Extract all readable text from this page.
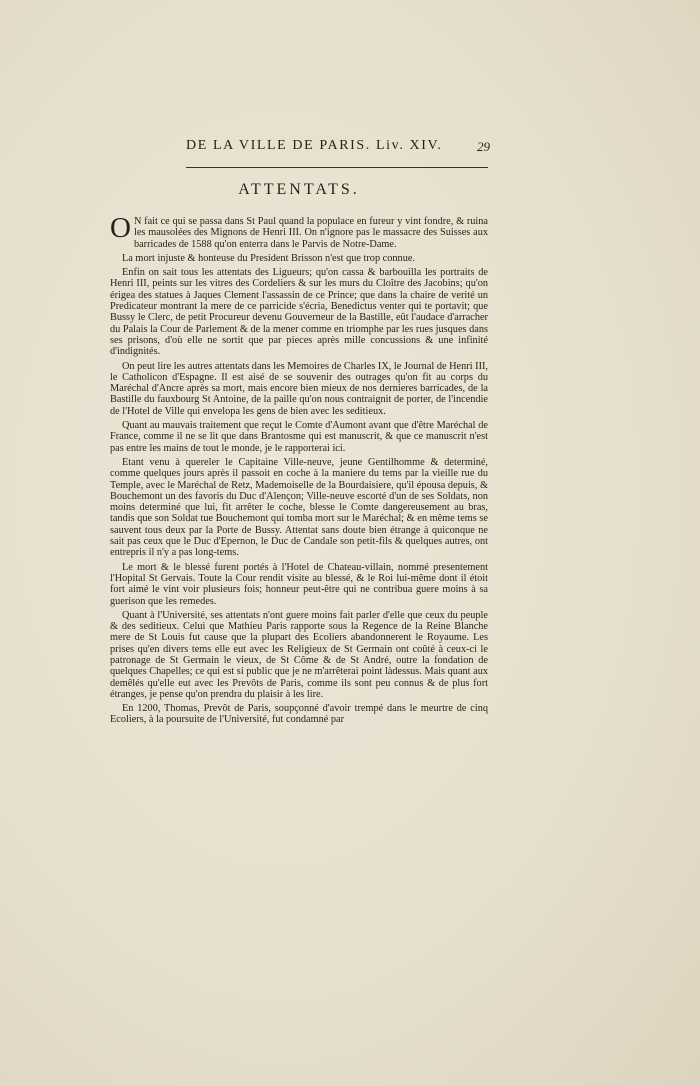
DE LA VILLE DE PARIS. Liv. XIV.	29
ATTENTATS.

O N fait ce qui se passa dans St Paul quand la populace en fureur y vint fondre, & ruina les mausolées des Mignons de Henri III. On n'ignore pas le massacre des Suisses aux barricades de 1588 qu'on enterra dans le Parvis de Notre-Dame.

La mort injuste & honteuse du President Brisson n'est que trop connue.

Enfin on sait tous les attentats des Ligueurs; qu'on cassa & barbouilla les portraits de Henri III, peints sur les vitres des Cordeliers & sur les murs du Cloître des Jacobins; qu'on érigea des statues à Jaques Clement l'assassin de ce Prince; que dans la chaire de verité un Predicateur montrant la mere de ce parricide s'écria, Benedictus venter qui te portavit; que Bussy le Clerc, de petit Procureur devenu Gouverneur de la Bastille, eût l'audace d'arracher du Palais la Cour de Parlement & de la mener comme en triomphe par les rues jusques dans ses prisons, d'où elle ne sortit que par pieces après mille concussions & une infinité d'indignités.

On peut lire les autres attentats dans les Memoires de Charles IX, le Journal de Henri III, le Catholicon d'Espagne. Il est aisé de se souvenir des outrages qu'on fit au corps du Maréchal d'Ancre après sa mort, mais encore bien mieux de nos dernieres barricades, de la Bastille du fauxbourg St Antoine, de la paille qu'on nous contraignit de porter, de l'incendie de l'Hotel de Ville qui envelopa les gens de bien avec les seditieux.

Quant au mauvais traitement que reçut le Comte d'Aumont avant que d'être Maréchal de France, comme il ne se lit que dans Brantosme qui est manuscrit, & que ce manuscrit n'est pas entre les mains de tout le monde, je le rapporterai ici.

Etant venu à quereler le Capitaine Ville-neuve, jeune Gentilhomme & determiné, comme quelques jours après il passoit en coche à la maniere du tems par la vieille rue du Temple, avec le Maréchal de Retz, Mademoiselle de la Bourdaisiere, qu'il épousa depuis, & Bouchemont un des favoris du Duc d'Alençon; Ville-neuve escorté d'un de ses Soldats, non moins determiné que lui, fit arrêter le coche, blesse le Comte dangereusement au bras, tandis que son Soldat tue Bouchemont qui tomba mort sur le Maréchal; & en même tems se sauvent tous deux par la Porte de Bussy. Attentat sans doute bien étrange à quiconque ne sait pas ceux que le Duc d'Epernon, le Duc de Candale son petit-fils & quelques autres, ont entrepris il n'y a pas long-tems.

Le mort & le blessé furent portés à l'Hotel de Chateau-villain, nommé presentement l'Hopital St Gervais. Toute la Cour rendit visite au blessé, & le Roi lui-même dont il étoit fort aimé le vint voir plusieurs fois; honneur peut-être qui ne contribua guere moins à sa guerison que les remedes.

Quant à l'Université, ses attentats n'ont guere moins fait parler d'elle que ceux du peuple & des seditieux. Celui que Mathieu Paris rapporte sous la Regence de la Reine Blanche mere de St Louis fut cause que la plupart des Ecoliers abandonnerent le Royaume. Les prises qu'en divers tems elle eut avec les Religieux de St Germain ont coûté à ceux-ci le patronage de St Germain le vieux, de St Côme & de St André, outre la fondation de quelques Chapelles; ce qui est si public que je ne m'arrêterai point làdessus. Mais quant aux demêlés qu'elle eut avec les Prevôts de Paris, comme ils sont peu connus & de plus fort étranges, je pense qu'on prendra du plaisir à les lire.

En 1200, Thomas, Prevôt de Paris, soupçonné d'avoir trempé dans le meurtre de cinq Ecoliers, à la poursuite de l'Université, fut condamné par
